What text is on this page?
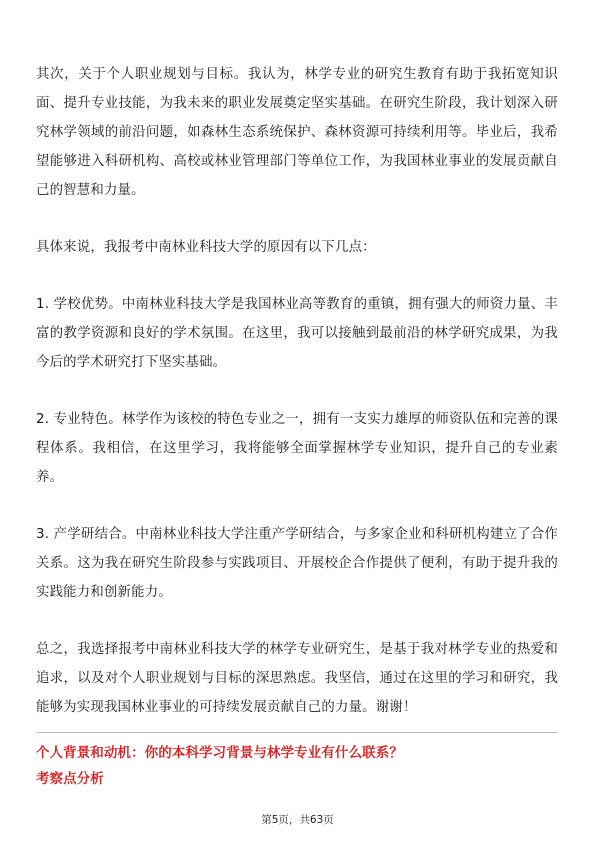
其次，关于个人职业规划与目标。我认为，林学专业的研究生教育有助于我拓宽知识面、提升专业技能，为我未来的职业发展奠定坚实基础。在研究生阶段，我计划深入研究林学领域的前沿问题，如森林生态系统保护、森林资源可持续利用等。毕业后，我希望能够进入科研机构、高校或林业管理部门等单位工作，为我国林业事业的发展贡献自己的智慧和力量。

具体来说，我报考中南林业科技大学的原因有以下几点：

1. 学校优势。中南林业科技大学是我国林业高等教育的重镇，拥有强大的师资力量、丰富的教学资源和良好的学术氛围。在这里，我可以接触到最前沿的林学研究成果，为我今后的学术研究打下坚实基础。

2. 专业特色。林学作为该校的特色专业之一，拥有一支实力雄厚的师资队伍和完善的课程体系。我相信，在这里学习，我将能够全面掌握林学专业知识，提升自己的专业素养。

3. 产学研结合。中南林业科技大学注重产学研结合，与多家企业和科研机构建立了合作关系。这为我在研究生阶段参与实践项目、开展校企合作提供了便利，有助于提升我的实践能力和创新能力。

总之，我选择报考中南林业科技大学的林学专业研究生，是基于我对林学专业的热爱和追求，以及对个人职业规划与目标的深思熟虑。我坚信，通过在这里的学习和研究，我能够为实现我国林业事业的可持续发展贡献自己的力量。谢谢！

个人背景和动机：你的本科学习背景与林学专业有什么联系？

考察点分析

第5页，共63页
